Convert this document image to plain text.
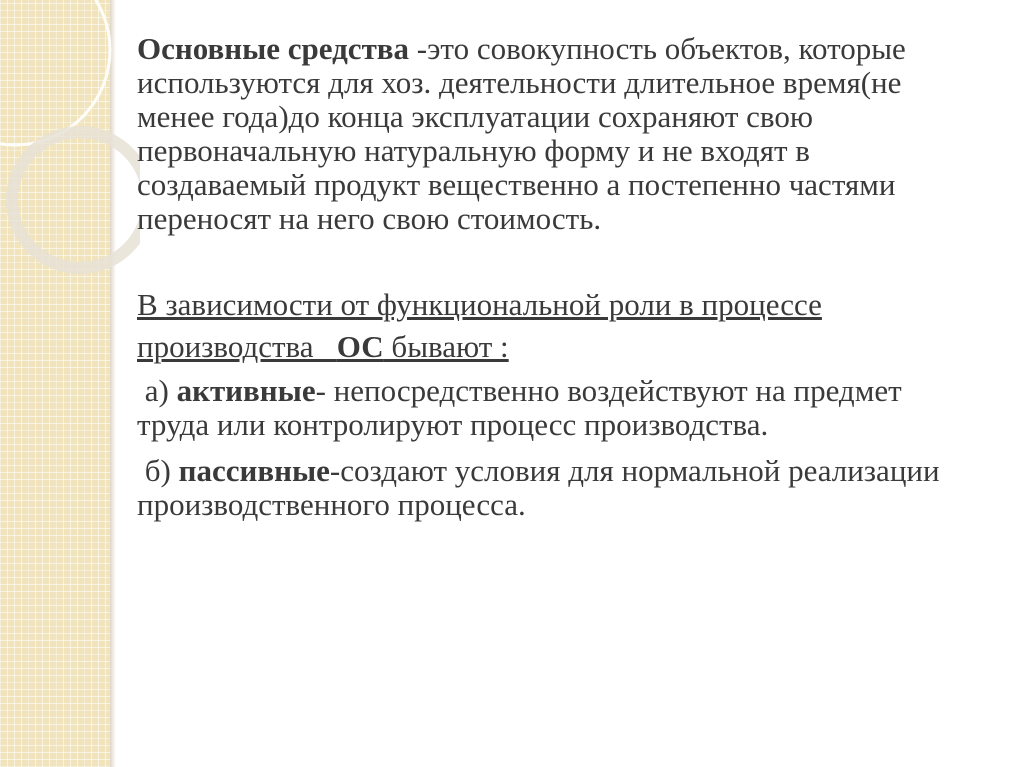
Основные средства -это совокупность объектов, которые используются для хоз. деятельности длительное время(не менее года)до конца эксплуатации сохраняют свою первоначальную натуральную форму и не входят в создаваемый продукт вещественно а постепенно частями переносят на него свою стоимость.

В зависимости от функциональной роли в процессе

производства   ОС бывают :

а) активные- непосредственно воздействуют на предмет труда или контролируют процесс производства.

б) пассивные-создают условия для нормальной реализации производственного процесса.
